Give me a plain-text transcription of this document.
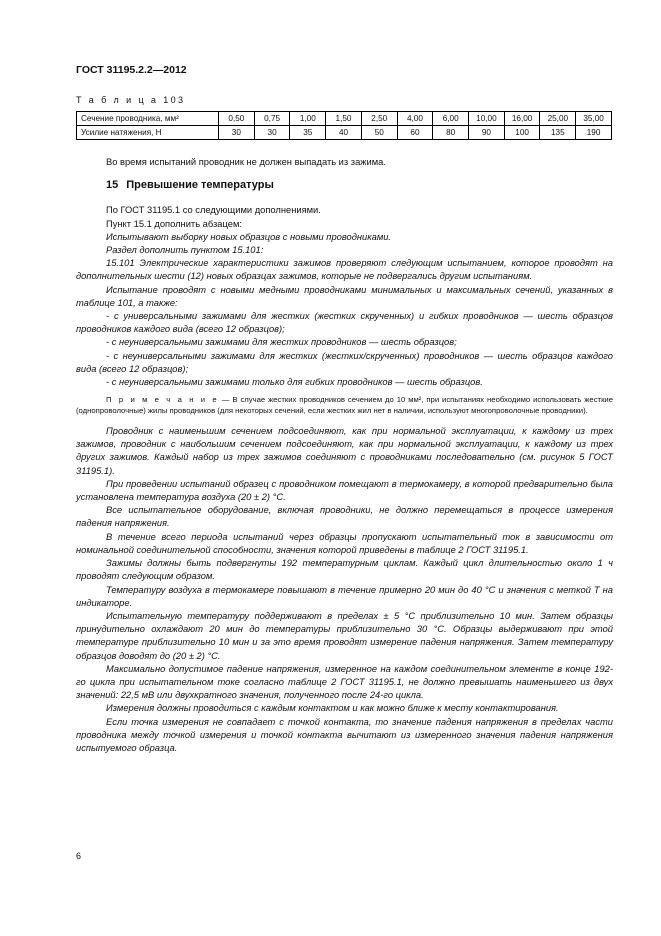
ГОСТ 31195.2.2—2012
Т а б л и ц а 103
Сечение проводника, мм²	0,50	0,75	1,00	1,50	2,50	4,00	6,00	10,00	16,00	25,00	35,00
Усилие натяжения, Н	30	30	35	40	50	60	80	90	100	135	190

Во время испытаний проводник не должен выпадать из зажима.

15 Превышение температуры

По ГОСТ 31195.1 со следующими дополнениями.

Пункт 15.1 дополнить абзацем:

Испытывают выборку новых образцов с новыми проводниками.

Раздел дополнить пунктом 15.101:

15.101 Электрические характеристики зажимов проверяют следующим испытанием, которое проводят на дополнительных шести (12) новых образцах зажимов, которые не подвергались другим испытаниям.

Испытание проводят с новыми медными проводниками минимальных и максимальных сечений, указанных в таблице 101, а также:

- с универсальными зажимами для жестких (жестких скрученных) и гибких проводников — шесть образцов проводников каждого вида (всего 12 образцов);

- с неуниверсальными зажимами для жестких проводников — шесть образцов;

- с неуниверсальными зажимами для жестких (жестких/скрученных) проводников — шесть образцов каждого вида (всего 12 образцов);

- с неуниверсальными зажимами только для гибких проводников — шесть образцов.

П р и м е ч а н и е — В случае жестких проводников сечением до 10 мм², при испытаниях необходимо использовать жесткие (однопроволочные) жилы проводников (для некоторых сечений, если жестких жил нет в наличии, используют многопроволочные проводники).

Проводник с наименьшим сечением подсоединяют, как при нормальной эксплуатации, к каждому из трех зажимов, проводник с наибольшим сечением подсоединяют, как при нормальной эксплуатации, к каждому из трех других зажимов. Каждый набор из трех зажимов соединяют с проводниками последовательно (см. рисунок 5 ГОСТ 31195.1).

При проведении испытаний образец с проводником помещают в термокамеру, в которой предварительно была установлена температура воздуха (20 ± 2) °С.

Все испытательное оборудование, включая проводники, не должно перемещаться в процессе измерения падения напряжения.

В течение всего периода испытаний через образцы пропускают испытательный ток в зависимости от номинальной соединительной способности, значения которой приведены в таблице 2 ГОСТ 31195.1.

Зажимы должны быть подвергнуты 192 температурным циклам. Каждый цикл длительностью около 1 ч проводят следующим образом.

Температуру воздуха в термокамере повышают в течение примерно 20 мин до 40 °С и значения с меткой Т на индикаторе.

Испытательную температуру поддерживают в пределах ± 5 °С приблизительно 10 мин. Затем образцы принудительно охлаждают 20 мин до температуры приблизительно 30 °С. Образцы выдерживают при этой температуре приблизительно 10 мин и за это время проводят измерение падения напряжения. Затем температуру образцов доводят до (20 ± 2) °С.

Максимально допустимое падение напряжения, измеренное на каждом соединительном элементе в конце 192-го цикла при испытательном токе согласно таблице 2 ГОСТ 31195.1, не должно превышать наименьшего из двух значений: 22,5 мВ или двухкратного значения, полученного после 24-го цикла.

Измерения должны проводиться с каждым контактом и как можно ближе к месту контактирования.

Если точка измерения не совпадает с точкой контакта, то значение падения напряжения в пределах части проводника между точкой измерения и точкой контакта вычитают из измеренного значения падения напряжения испытуемого образца.

6
